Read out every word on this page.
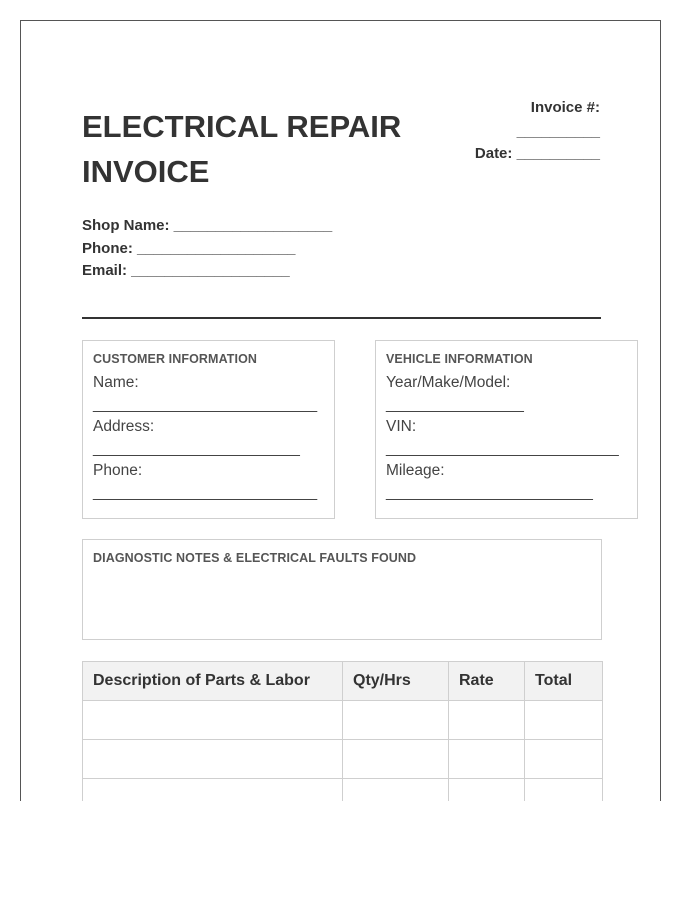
ELECTRICAL REPAIR INVOICE
Invoice #:
__________
Date: __________
Shop Name: ___________________
Phone: ___________________
Email: ___________________
CUSTOMER INFORMATION
Name:
__________________________
Address:
________________________
Phone:
__________________________
VEHICLE INFORMATION
Year/Make/Model:
________________
VIN:
___________________________
Mileage:
________________________
DIAGNOSTIC NOTES & ELECTRICAL FAULTS FOUND
Description of Parts & Labor	Qty/Hrs	Rate	Total
